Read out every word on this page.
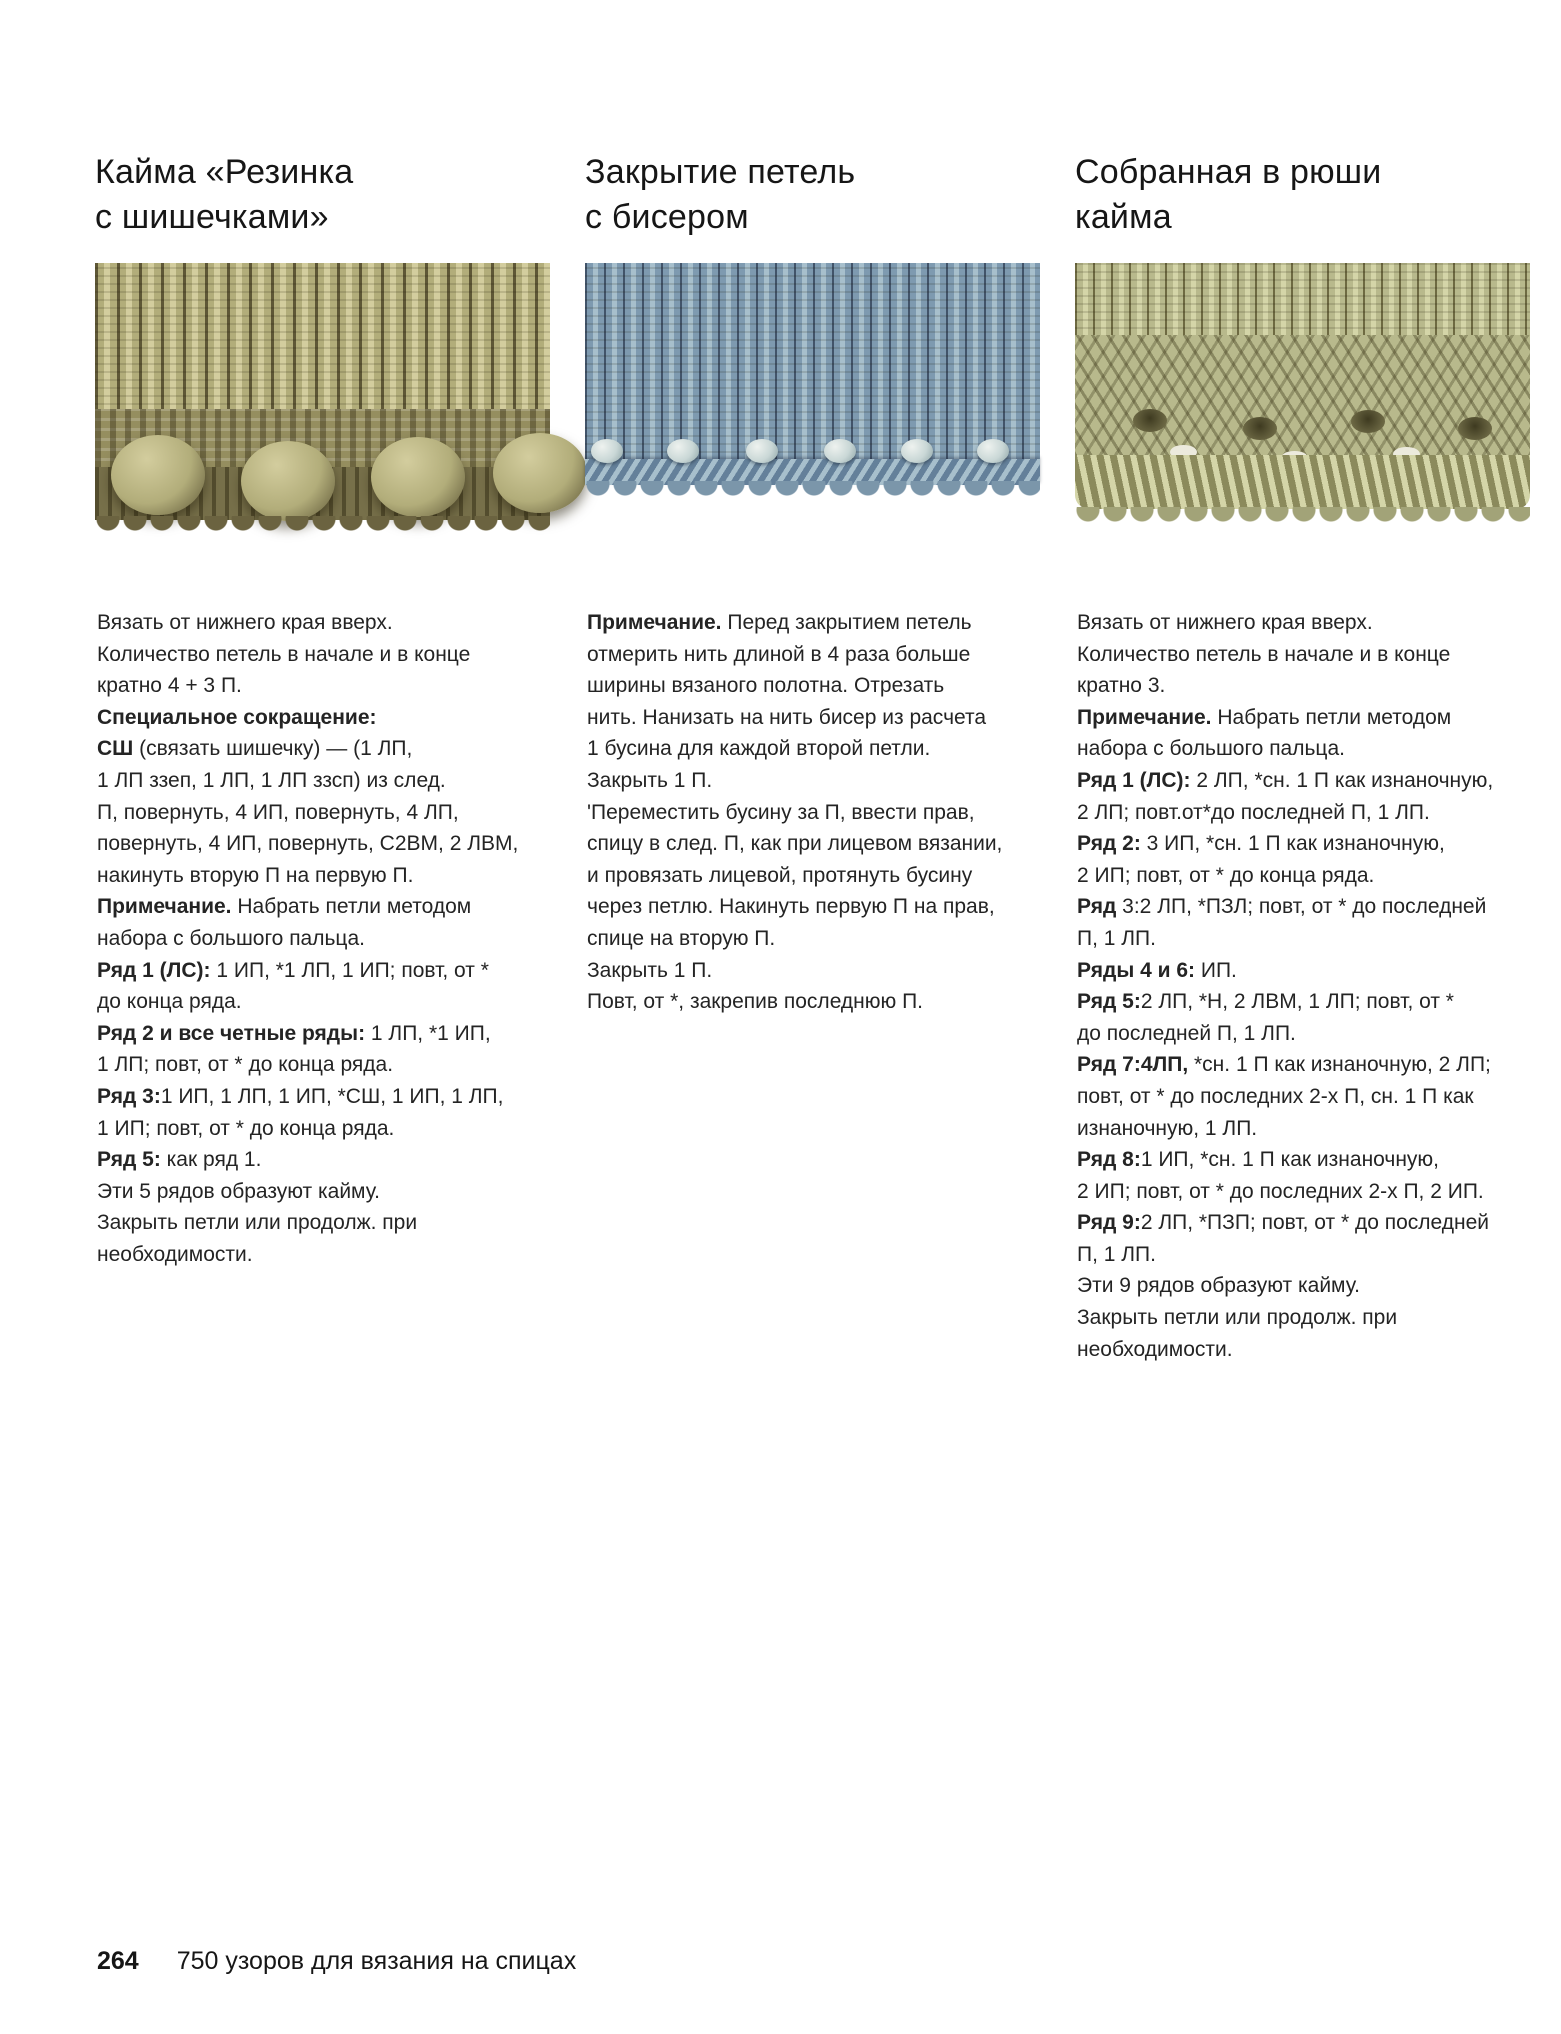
Кайма «Резинка
с шишечками»
Вязать от нижнего края вверх.
Количество петель в начале и в конце
кратно 4 + 3 П.
Специальное сокращение:
СШ (связать шишечку) — (1 ЛП,
1 ЛП ззеп, 1 ЛП, 1 ЛП ззсп) из след.
П, повернуть, 4 ИП, повернуть, 4 ЛП,
повернуть, 4 ИП, повернуть, С2ВМ, 2 ЛВМ,
накинуть вторую П на первую П.
Примечание. Набрать петли методом
набора с большого пальца.
Ряд 1 (ЛС): 1 ИП, *1 ЛП, 1 ИП; повт, от *
до конца ряда.
Ряд 2 и все четные ряды: 1 ЛП, *1 ИП,
1 ЛП; повт, от * до конца ряда.
Ряд 3:1 ИП, 1 ЛП, 1 ИП, *СШ, 1 ИП, 1 ЛП,
1 ИП; повт, от * до конца ряда.
Ряд 5: как ряд 1.
Эти 5 рядов образуют кайму.
Закрыть петли или продолж. при
необходимости.
Закрытие петель
с бисером
Примечание. Перед закрытием петель
отмерить нить длиной в 4 раза больше
ширины вязаного полотна. Отрезать
нить. Нанизать на нить бисер из расчета
1 бусина для каждой второй петли.
Закрыть 1 П.
'Переместить бусину за П, ввести прав,
спицу в след. П, как при лицевом вязании,
и провязать лицевой, протянуть бусину
через петлю. Накинуть первую П на прав,
спице на вторую П.
Закрыть 1 П.
Повт, от *, закрепив последнюю П.
Собранная в рюши
кайма
Вязать от нижнего края вверх.
Количество петель в начале и в конце
кратно 3.
Примечание. Набрать петли методом
набора с большого пальца.
Ряд 1 (ЛС): 2 ЛП, *сн. 1 П как изнаночную,
2 ЛП; повт.от*до последней П, 1 ЛП.
Ряд 2: 3 ИП, *сн. 1 П как изнаночную,
2 ИП; повт, от * до конца ряда.
Ряд 3:2 ЛП, *ПЗЛ; повт, от * до последней
П, 1 ЛП.
Ряды 4 и 6: ИП.
Ряд 5:2 ЛП, *Н, 2 ЛВМ, 1 ЛП; повт, от *
до последней П, 1 ЛП.
Ряд 7:4ЛП, *сн. 1 П как изнаночную, 2 ЛП;
повт, от * до последних 2-х П, сн. 1 П как
изнаночную, 1 ЛП.
Ряд 8:1 ИП, *сн. 1 П как изнаночную,
2 ИП; повт, от * до последних 2-х П, 2 ИП.
Ряд 9:2 ЛП, *ПЗП; повт, от * до последней
П, 1 ЛП.
Эти 9 рядов образуют кайму.
Закрыть петли или продолж. при
необходимости.
264 750 узоров для вязания на спицах
